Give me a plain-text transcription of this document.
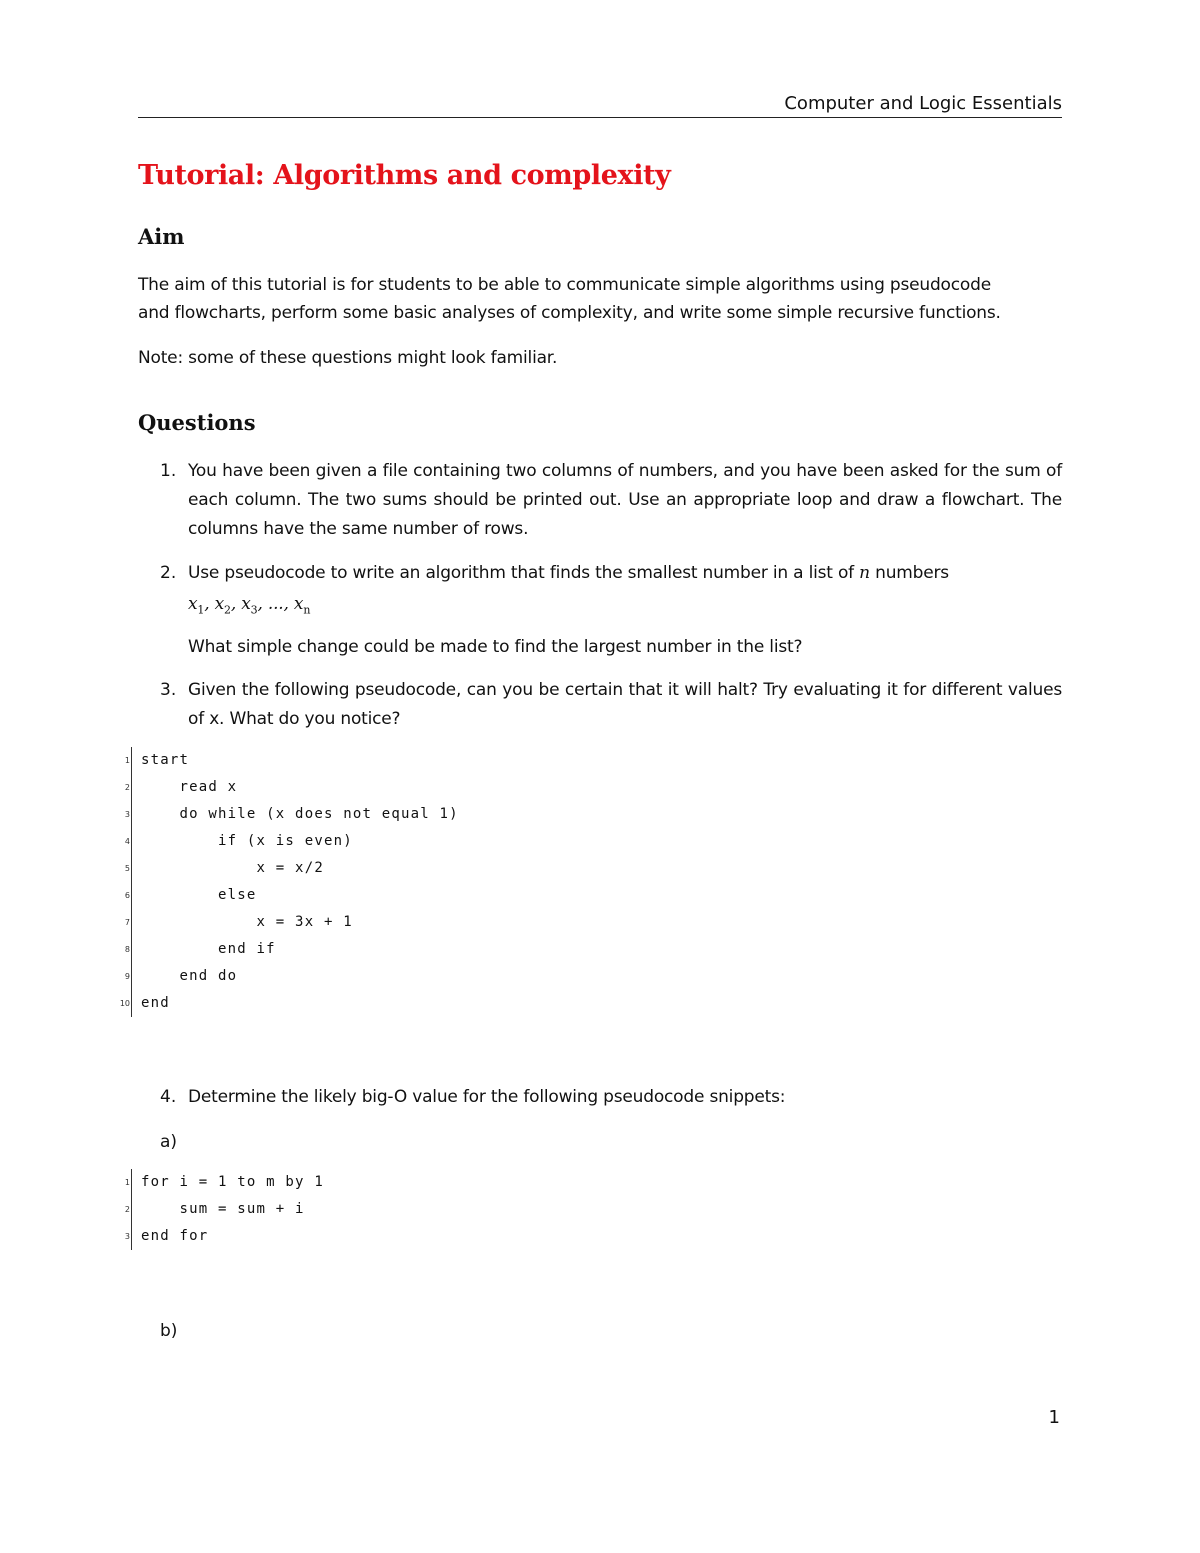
Computer and Logic Essentials
Tutorial: Algorithms and complexity
Aim

The aim of this tutorial is for students to be able to communicate simple algorithms using pseudocode

and flowcharts, perform some basic analyses of complexity, and write some simple recursive functions.

Note: some of these questions might look familiar.

Questions
1. You have been given a file containing two columns of numbers, and you have been asked for the sum of each column. The two sums should be printed out. Use an appropriate loop and draw a flowchart. The columns have the same number of rows.

2. Use pseudocode to write an algorithm that finds the smallest number in a list of n numbers

$x_1$, $x_2$, $x_3$, ..., $x_n$

What simple change could be made to find the largest number in the list?

3. Given the following pseudocode, can you be certain that it will halt? Try evaluating it for different values of x. What do you notice?

1 start
2 read x
3 do while (x does not equal 1)
4 if (x is even)
5 x = x/2
6 else
7 x = 3x + 1
8 end if
9 end do
10 end
4. Determine the likely big-O value for the following pseudocode snippets:

a)
1 for i = 1 to m by 1
2 sum = sum + i
3 end for
b)
1
